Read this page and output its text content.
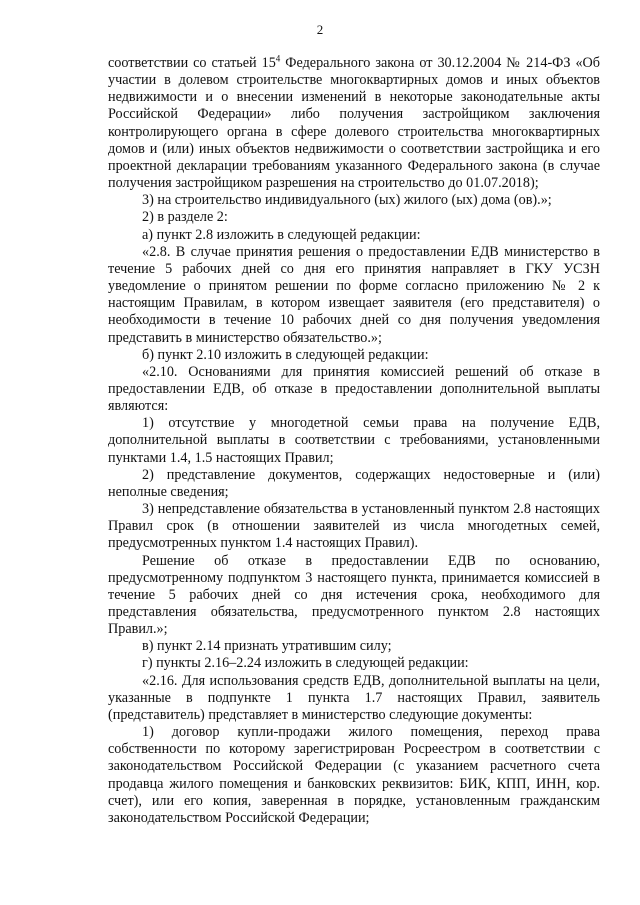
2

соответствии со статьей $15^4$ Федерального закона от 30.12.2004 № 214-ФЗ «Об участии в долевом строительстве многоквартирных домов и иных объектов недвижимости и о внесении изменений в некоторые законодательные акты Российской Федерации» либо получения застройщиком заключения контролирующего органа в сфере долевого строительства многоквартирных домов и (или) иных объектов недвижимости о соответствии застройщика и его проектной декларации требованиям указанного Федерального закона (в случае получения застройщиком разрешения на строительство до 01.07.2018);

3) на строительство индивидуального (ых) жилого (ых) дома (ов).»;

2) в разделе 2:

а) пункт 2.8 изложить в следующей редакции:

«2.8. В случае принятия решения о предоставлении ЕДВ министерство в течение 5 рабочих дней со дня его принятия направляет в ГКУ УСЗН уведомление о принятом решении по форме согласно приложению № 2 к настоящим Правилам, в котором извещает заявителя (его представителя) о необходимости в течение 10 рабочих дней со дня получения уведомления представить в министерство обязательство.»;

б) пункт 2.10 изложить в следующей редакции:

«2.10. Основаниями для принятия комиссией решений об отказе в предоставлении ЕДВ, об отказе в предоставлении дополнительной выплаты являются:

1) отсутствие у многодетной семьи права на получение ЕДВ, дополнительной выплаты в соответствии с требованиями, установленными пунктами 1.4, 1.5 настоящих Правил;

2) представление документов, содержащих недостоверные и (или) неполные сведения;

3) непредставление обязательства в установленный пунктом 2.8 настоящих Правил срок (в отношении заявителей из числа многодетных семей, предусмотренных пунктом 1.4 настоящих Правил).

Решение об отказе в предоставлении ЕДВ по основанию, предусмотренному подпунктом 3 настоящего пункта, принимается комиссией в течение 5 рабочих дней со дня истечения срока, необходимого для представления обязательства, предусмотренного пунктом 2.8 настоящих Правил.»;

в) пункт 2.14 признать утратившим силу;

г) пункты 2.16–2.24 изложить в следующей редакции:

«2.16. Для использования средств ЕДВ, дополнительной выплаты на цели, указанные в подпункте 1 пункта 1.7 настоящих Правил, заявитель (представитель) представляет в министерство следующие документы:

1) договор купли-продажи жилого помещения, переход права собственности по которому зарегистрирован Росреестром в соответствии с законодательством Российской Федерации (с указанием расчетного счета продавца жилого помещения и банковских реквизитов: БИК, КПП, ИНН, кор. счет), или его копия, заверенная в порядке, установленным гражданским законодательством Российской Федерации;
